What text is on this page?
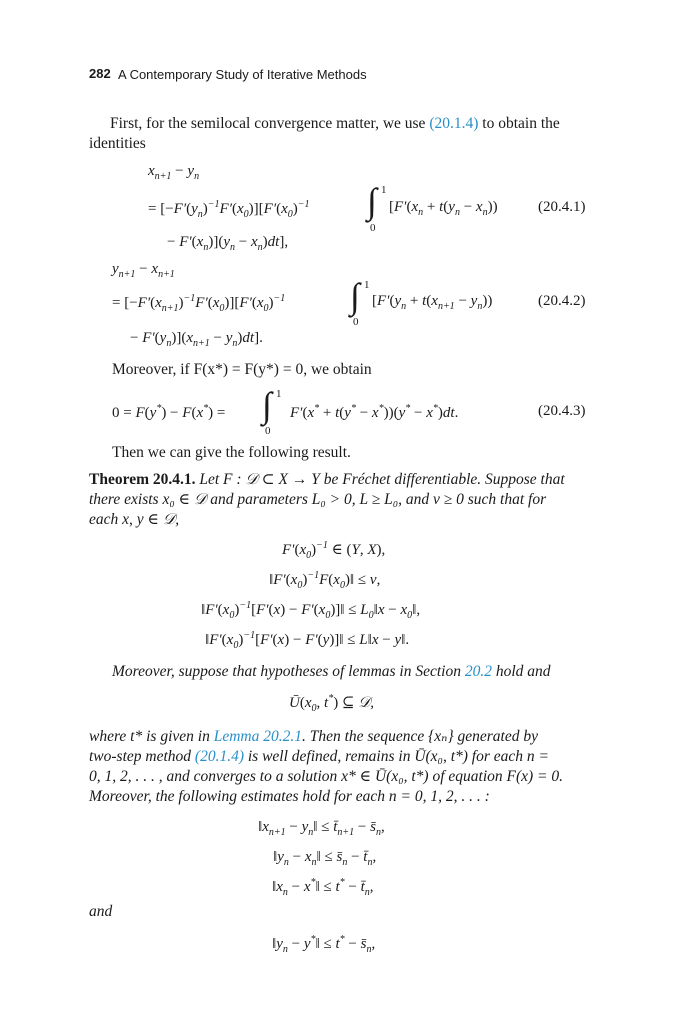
282 A Contemporary Study of Iterative Methods
First, for the semilocal convergence matter, we use (20.1.4) to obtain the
identities
$x_{n+1} - y_n$
= $[-F'(y_n)^{-1}F'(x_0)][F'(x_0)^{-1}$ ∫ 1
0
[$F'(x_n + t(y_n - x_n))$	(20.4.1)
− $F'(x_n)](y_n - x_n)dt$],
$y_{n+1} - x_{n+1}$
= $[-F'(x_{n+1})^{-1}F'(x_0)][F'(x_0)^{-1}$ ∫ 1
0
[$F'(y_n + t(x_{n+1} - y_n))$	(20.4.2)
− $F'(y_n)](x_{n+1} - y_n)dt$].
Moreover, if F(x*) = F(y*) = 0, we obtain
0 = F(y*) − F(x*) = ∫ 1
0
F′(x* + t(y* − x*))(y* − x*)dt.	(20.4.3)
Then we can give the following result.
Theorem 20.4.1. Let F : 𝒟 ⊂ X → Y be Fréchet differentiable. Suppose that
there exists x₀ ∈ 𝒟 and parameters L₀ > 0, L ≥ L₀, and ν ≥ 0 such that for
each x, y ∈ 𝒟,
$F'(x_0)^{-1}$ ∈ (Y, X),
$‖F'(x_0)^{-1}F(x_0)‖ \le \nu$,
$‖F'(x_0)^{-1}[F'(x)$ − $F'(x_0)]‖$ ≤ $L_0‖x$ − $x_0‖$,
$‖F'(x_0)^{-1}[F'(x)$ − F′(y)]‖ ≤ L‖x − y‖.
Moreover, suppose that hypotheses of lemmas in Section 20.2 hold and
$Ū(x_0$, t*) ⊆ 𝒟,
where t* is given in Lemma 20.2.1. Then the sequence {xₙ} generated by
two-step method (20.1.4) is well defined, remains in Ū(x₀, t*) for each n =
0, 1, 2, . . . , and converges to a solution x* ∈ Ū(x₀, t*) of equation F(x) = 0.
Moreover, the following estimates hold for each n = 0, 1, 2, . . . :
$‖x_{n+1}$ − $y_n‖$ ≤ $t̄_{n+1}$ − $s̄_n$,
$‖y_n$ − $x_n‖$ ≤ $s̄_n$ − $t̄_n$,
$‖x_n$ − x*‖ ≤ $t^* - t̄_n$,
and
$‖y_n$ − y*‖ ≤ $t^* - s̄_n$,
